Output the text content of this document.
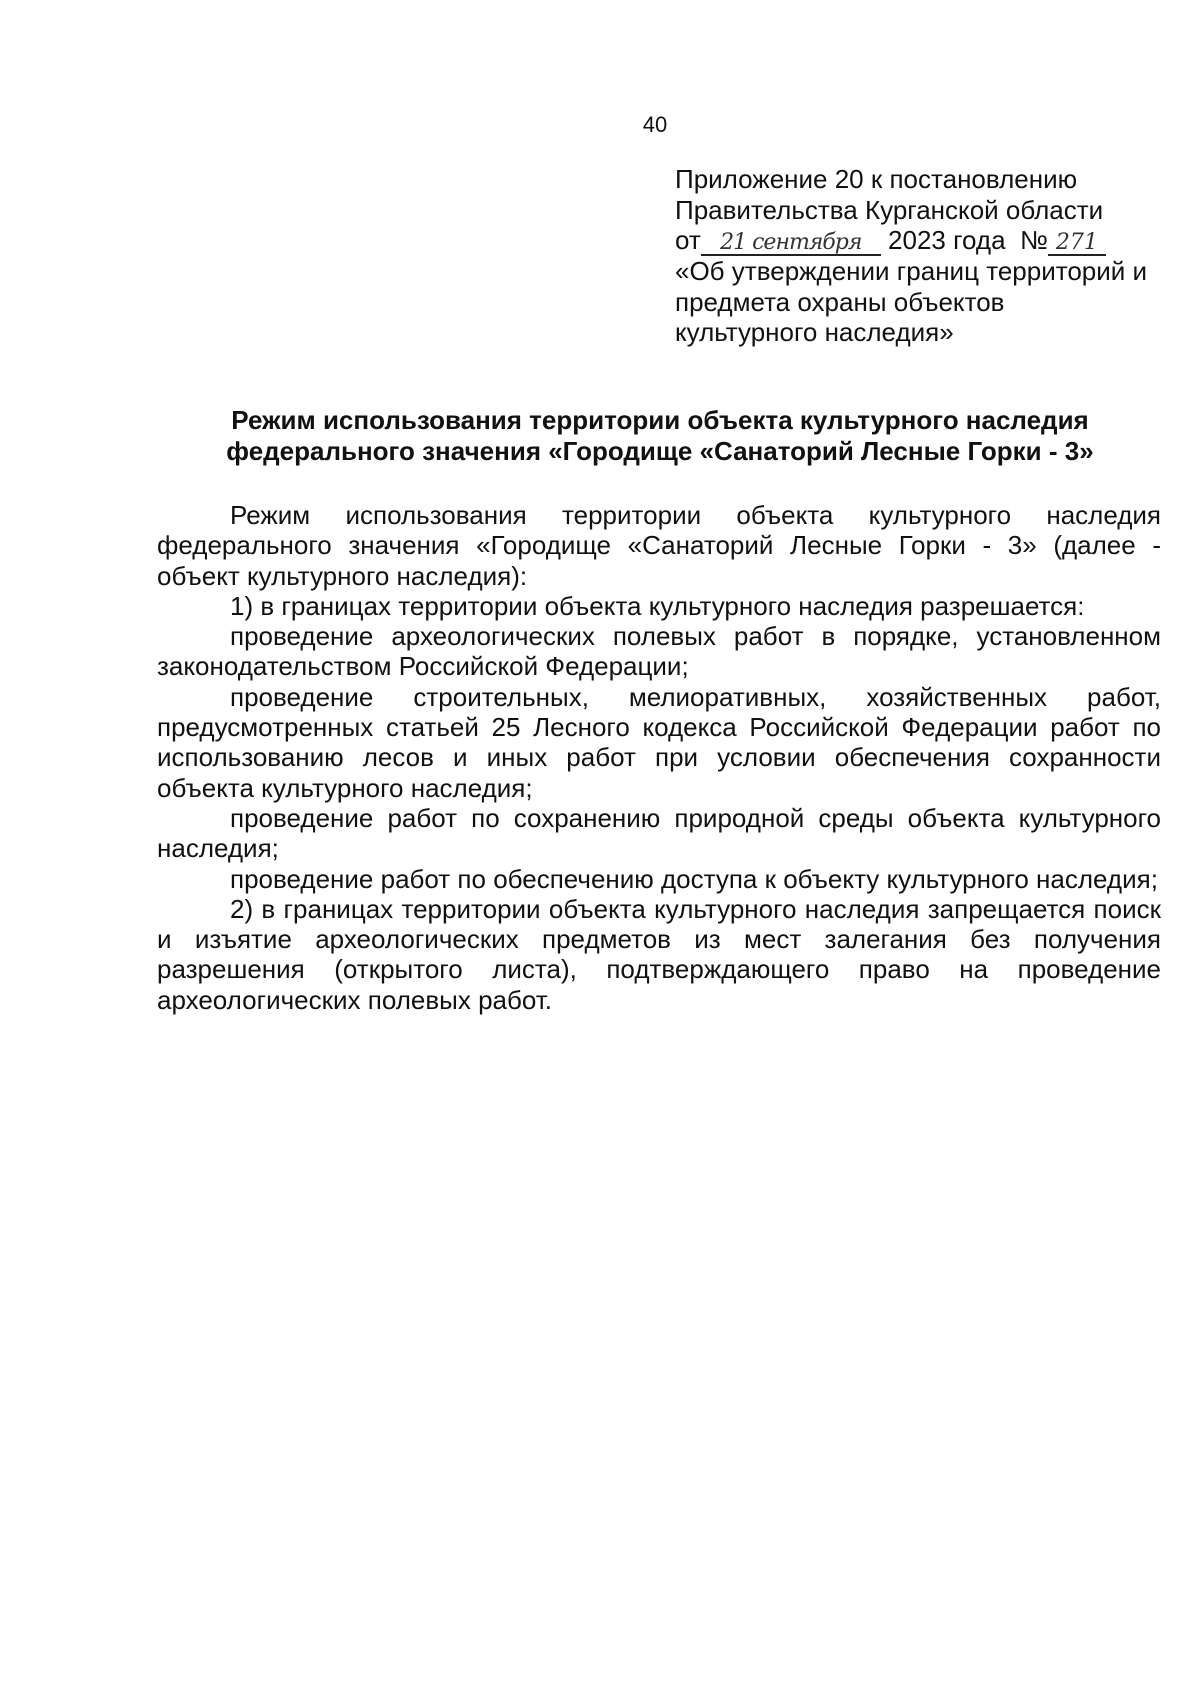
40
Приложение 20 к постановлению
Правительства Курганской области
от 21 сентября 2023 года № 271
«Об утверждении границ территорий и
предмета охраны объектов
культурного наследия»
Режим использования территории объекта культурного наследия
федерального значения «Городище «Санаторий Лесные Горки - 3»

Режим использования территории объекта культурного наследия федерального значения «Городище «Санаторий Лесные Горки - 3» (далее - объект культурного наследия):

1) в границах территории объекта культурного наследия разрешается:

проведение археологических полевых работ в порядке, установленном законодательством Российской Федерации;

проведение строительных, мелиоративных, хозяйственных работ, предусмотренных статьей 25 Лесного кодекса Российской Федерации работ по использованию лесов и иных работ при условии обеспечения сохранности объекта культурного наследия;

проведение работ по сохранению природной среды объекта культурного наследия;

проведение работ по обеспечению доступа к объекту культурного наследия;

2) в границах территории объекта культурного наследия запрещается поиск и изъятие археологических предметов из мест залегания без получения разрешения (открытого листа), подтверждающего право на проведение археологических полевых работ.
